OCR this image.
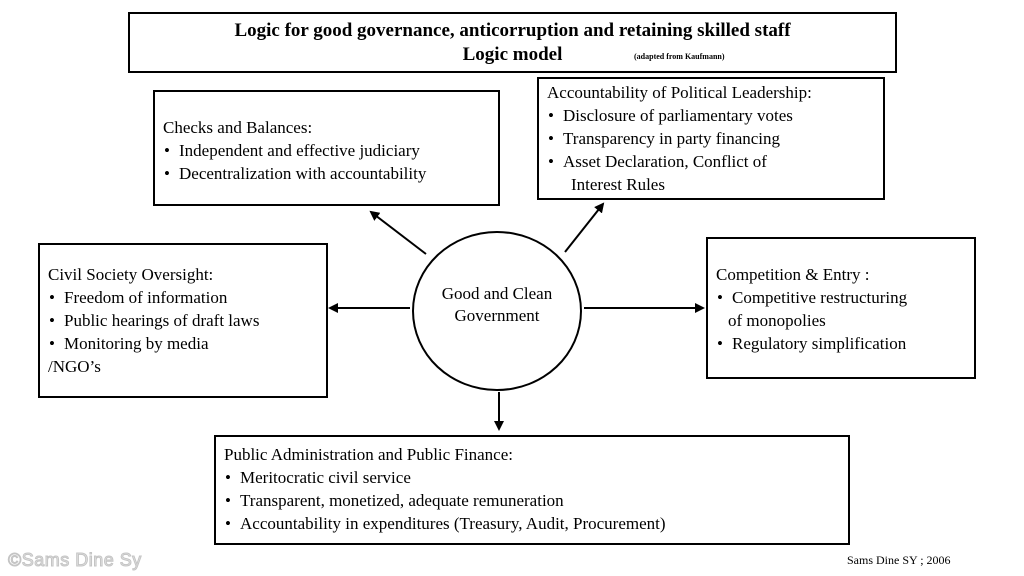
Logic for good governance, anticorruption and retaining skilled staff
Logic model	(adapted from Kaufmann)
Checks and Balances:
• Independent and effective judiciary
• Decentralization with accountability
Accountability of Political Leadership:
• Disclosure of parliamentary votes
• Transparency in party financing
• Asset Declaration, Conflict of
Interest Rules
Civil Society Oversight:
• Freedom of information
• Public hearings of draft laws
• Monitoring by media
/NGO’s
Competition & Entry :
• Competitive restructuring
of monopolies
• Regulatory simplification
Public Administration and Public Finance:
• Meritocratic civil service
• Transparent, monetized, adequate remuneration
• Accountability in expenditures (Treasury, Audit, Procurement)
Good and Clean Government
©Sams Dine Sy	Sams Dine SY ; 2006
